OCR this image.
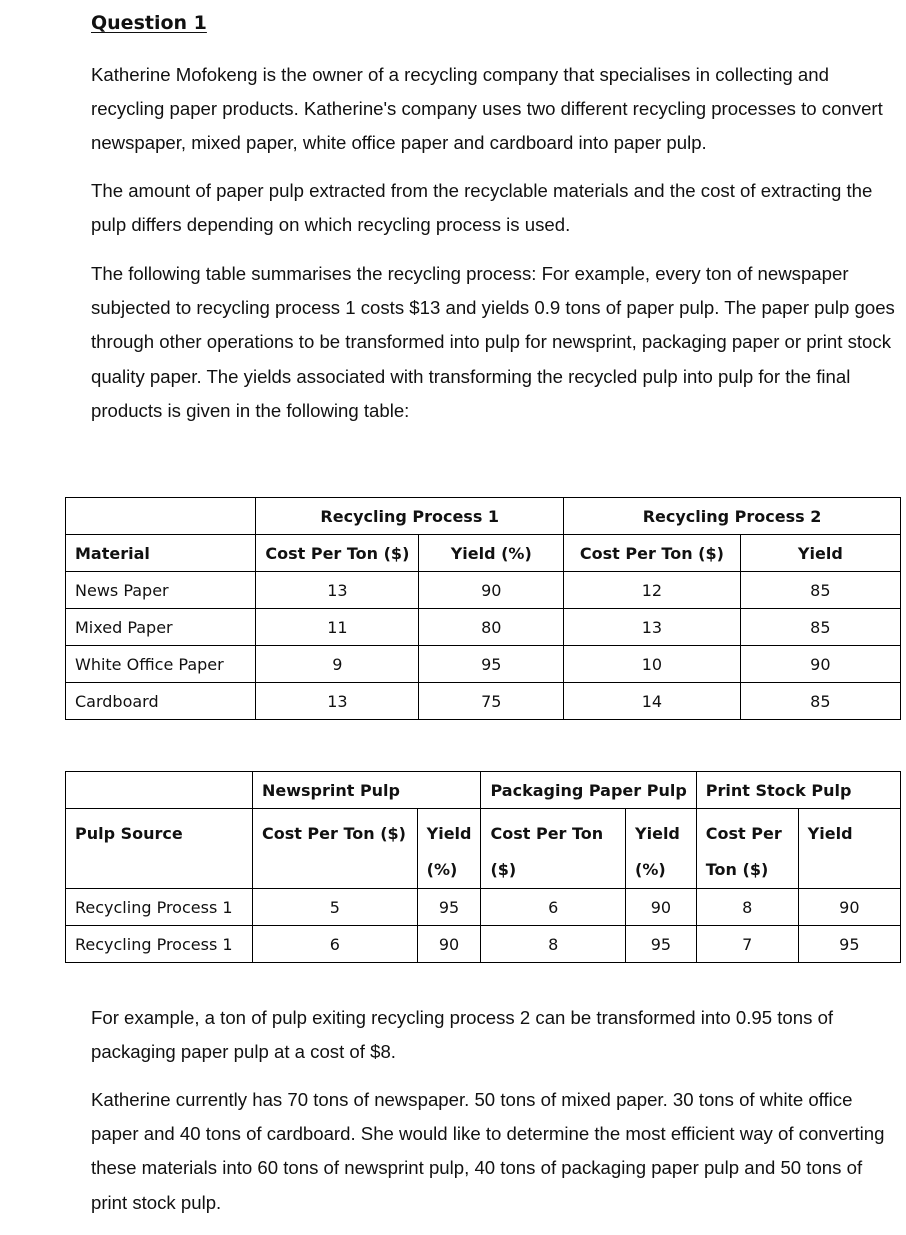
Question 1

Katherine Mofokeng is the owner of a recycling company that specialises in collecting and recycling paper products. Katherine's company uses two different recycling processes to convert newspaper, mixed paper, white office paper and cardboard into paper pulp.

The amount of paper pulp extracted from the recyclable materials and the cost of extracting the pulp differs depending on which recycling process is used.

The following table summarises the recycling process: For example, every ton of newspaper subjected to recycling process 1 costs $13 and yields 0.9 tons of paper pulp. The paper pulp goes through other operations to be transformed into pulp for newsprint, packaging paper or print stock quality paper. The yields associated with transforming the recycled pulp into pulp for the final products is given in the following table:

	Recycling Process 1		Recycling Process 2	
Material	Cost Per Ton ($)	Yield (%)	Cost Per Ton ($)	Yield
News Paper	13	90	12	85
Mixed Paper	11	80	13	85
White Office Paper	9	95	10	90
Cardboard	13	75	14	85
	Newsprint Pulp		Packaging Paper Pulp		Print Stock Pulp	
Pulp Source	Cost Per Ton ($)	Yield (%)	Cost Per Ton ($)	Yield (%)	Cost Per Ton ($)	Yield
Recycling Process 1	5	95	6	90	8	90
Recycling Process 1	6	90	8	95	7	95

For example, a ton of pulp exiting recycling process 2 can be transformed into 0.95 tons of packaging paper pulp at a cost of $8.

Katherine currently has 70 tons of newspaper. 50 tons of mixed paper. 30 tons of white office paper and 40 tons of cardboard. She would like to determine the most efficient way of converting these materials into 60 tons of newsprint pulp, 40 tons of packaging paper pulp and 50 tons of print stock pulp.
